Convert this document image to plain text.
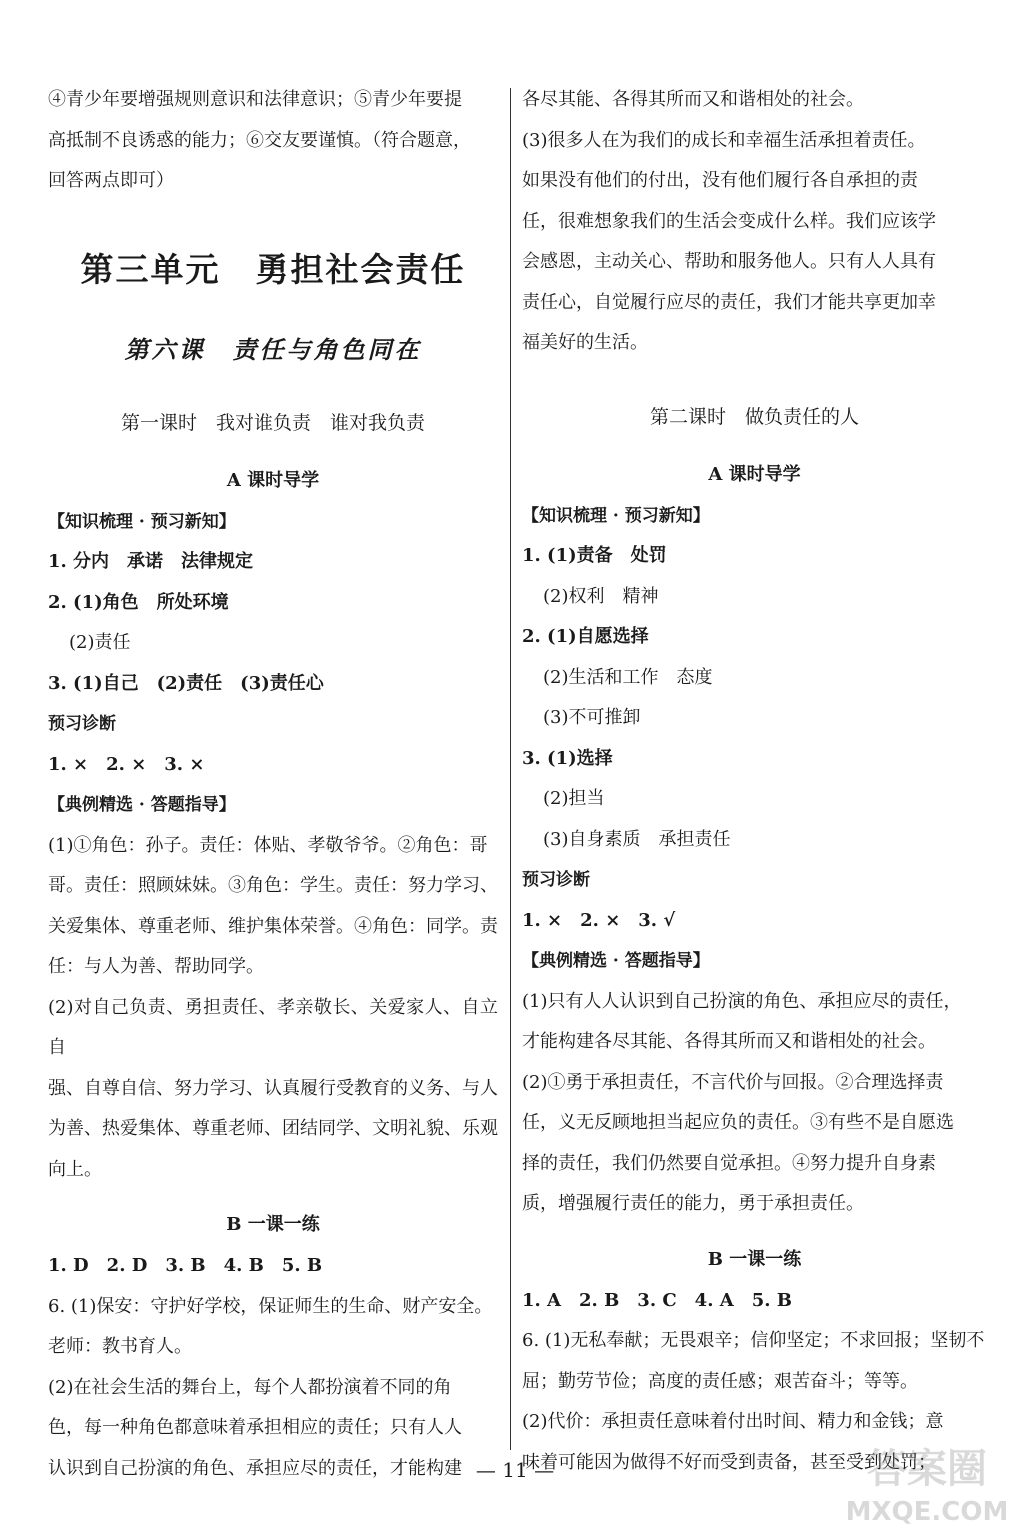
④青少年要增强规则意识和法律意识；⑤青少年要提

高抵制不良诱惑的能力；⑥交友要谨慎。（符合题意，

回答两点即可）

第三单元　勇担社会责任
第六课　责任与角色同在
第一课时　我对谁负责　谁对我负责
A 课时导学

【知识梳理 · 预习新知】

1. 分内　承诺　法律规定

2. (1)角色　所处环境

(2)责任

3. (1)自己　(2)责任　(3)责任心

预习诊断

1. ×　2. ×　3. ×

【典例精选 · 答题指导】

(1)①角色：孙子。责任：体贴、孝敬爷爷。②角色：哥

哥。责任：照顾妹妹。③角色：学生。责任：努力学习、

关爱集体、尊重老师、维护集体荣誉。④角色：同学。责

任：与人为善、帮助同学。

(2)对自己负责、勇担责任、孝亲敬长、关爱家人、自立自

强、自尊自信、努力学习、认真履行受教育的义务、与人

为善、热爱集体、尊重老师、团结同学、文明礼貌、乐观

向上。

B 一课一练

1. D　2. D　3. B　4. B　5. B

6. (1)保安：守护好学校，保证师生的生命、财产安全。

老师：教书育人。

(2)在社会生活的舞台上，每个人都扮演着不同的角

色，每一种角色都意味着承担相应的责任；只有人人

认识到自己扮演的角色、承担应尽的责任，才能构建

各尽其能、各得其所而又和谐相处的社会。

(3)很多人在为我们的成长和幸福生活承担着责任。

如果没有他们的付出，没有他们履行各自承担的责

任，很难想象我们的生活会变成什么样。我们应该学

会感恩，主动关心、帮助和服务他人。只有人人具有

责任心，自觉履行应尽的责任，我们才能共享更加幸

福美好的生活。

第二课时　做负责任的人
A 课时导学

【知识梳理 · 预习新知】

1. (1)责备　处罚

(2)权利　精神

2. (1)自愿选择

(2)生活和工作　态度

(3)不可推卸

3. (1)选择

(2)担当

(3)自身素质　承担责任

预习诊断

1. ×　2. ×　3. √

【典例精选 · 答题指导】

(1)只有人人认识到自己扮演的角色、承担应尽的责任，

才能构建各尽其能、各得其所而又和谐相处的社会。

(2)①勇于承担责任，不言代价与回报。②合理选择责

任，义无反顾地担当起应负的责任。③有些不是自愿选

择的责任，我们仍然要自觉承担。④努力提升自身素

质，增强履行责任的能力，勇于承担责任。

B 一课一练

1. A　2. B　3. C　4. A　5. B

6. (1)无私奉献；无畏艰辛；信仰坚定；不求回报；坚韧不

屈；勤劳节俭；高度的责任感；艰苦奋斗；等等。

(2)代价：承担责任意味着付出时间、精力和金钱；意

味着可能因为做得不好而受到责备，甚至受到处罚；

— 11 —	答案圈
MXQE.COM
